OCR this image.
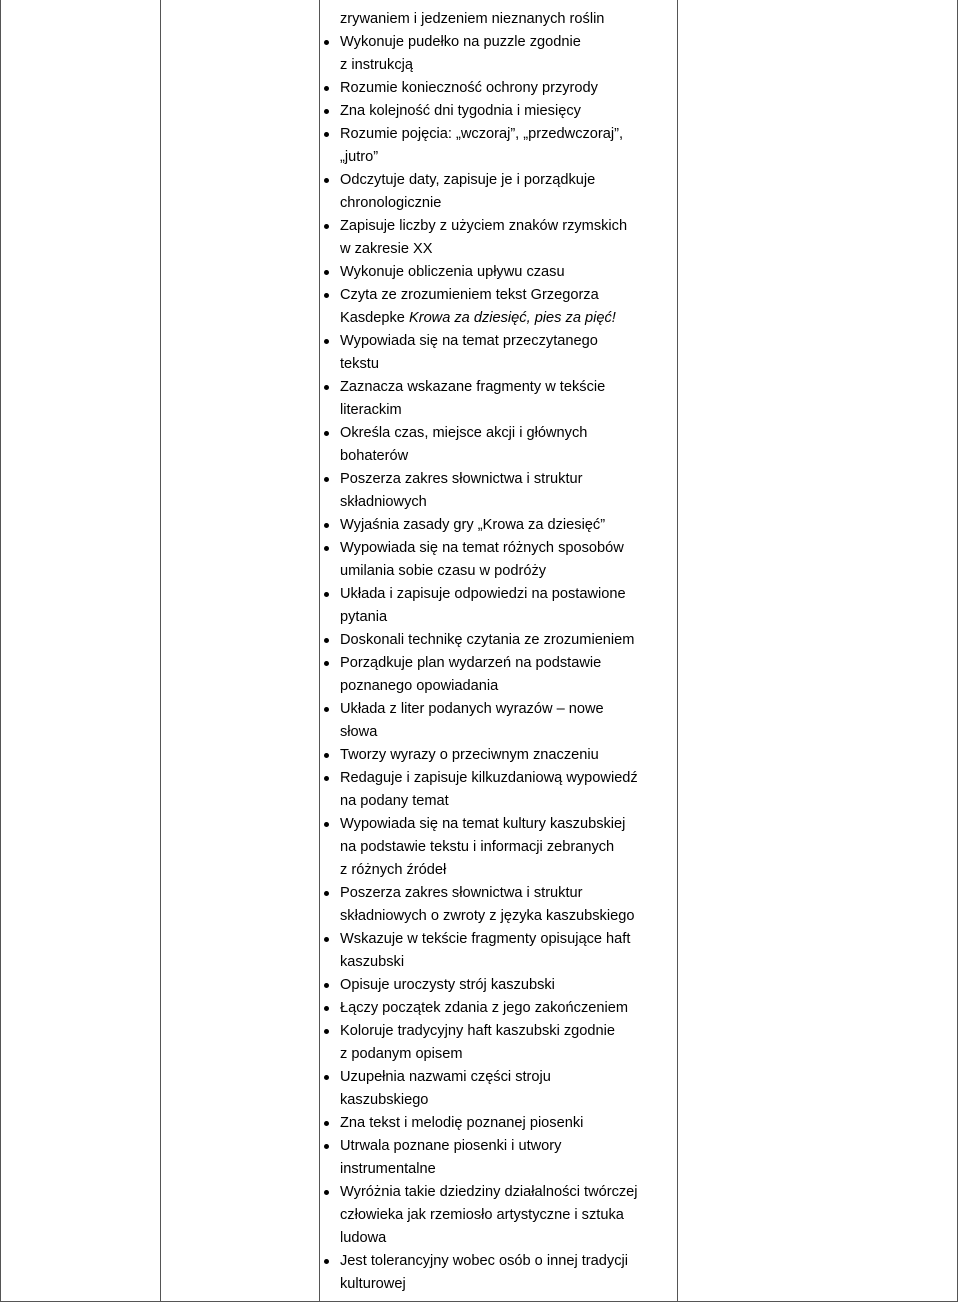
zrywaniem i jedzeniem nieznanych roślin

Wykonuje pudełko na puzzle zgodnie
z instrukcją
Rozumie konieczność ochrony przyrody
Zna kolejność dni tygodnia i miesięcy
Rozumie pojęcia: „wczoraj”, „przedwczoraj”,
„jutro”
Odczytuje daty, zapisuje je i porządkuje
chronologicznie
Zapisuje liczby z użyciem znaków rzymskich
w zakresie XX
Wykonuje obliczenia upływu czasu
Czyta ze zrozumieniem tekst Grzegorza
Kasdepke Krowa za dziesięć, pies za pięć!
Wypowiada się na temat przeczytanego
tekstu
Zaznacza wskazane fragmenty w tekście
literackim
Określa czas, miejsce akcji i głównych
bohaterów
Poszerza zakres słownictwa i struktur
składniowych
Wyjaśnia zasady gry „Krowa za dziesięć”
Wypowiada się na temat różnych sposobów
umilania sobie czasu w podróży
Układa i zapisuje odpowiedzi na postawione
pytania
Doskonali technikę czytania ze zrozumieniem
Porządkuje plan wydarzeń na podstawie
poznanego opowiadania
Układa z liter podanych wyrazów – nowe
słowa
Tworzy wyrazy o przeciwnym znaczeniu
Redaguje i zapisuje kilkuzdaniową wypowiedź
na podany temat
Wypowiada się na temat kultury kaszubskiej
na podstawie tekstu i informacji zebranych
z różnych źródeł
Poszerza zakres słownictwa i struktur
składniowych o zwroty z języka kaszubskiego
Wskazuje w tekście fragmenty opisujące haft
kaszubski
Opisuje uroczysty strój kaszubski
Łączy początek zdania z jego zakończeniem
Koloruje tradycyjny haft kaszubski zgodnie
z podanym opisem
Uzupełnia nazwami części stroju
kaszubskiego
Zna tekst i melodię poznanej piosenki
Utrwala poznane piosenki i utwory
instrumentalne
Wyróżnia takie dziedziny działalności twórczej
człowieka jak rzemiosło artystyczne i sztuka
ludowa
Jest tolerancyjny wobec osób o innej tradycji
kulturowej
